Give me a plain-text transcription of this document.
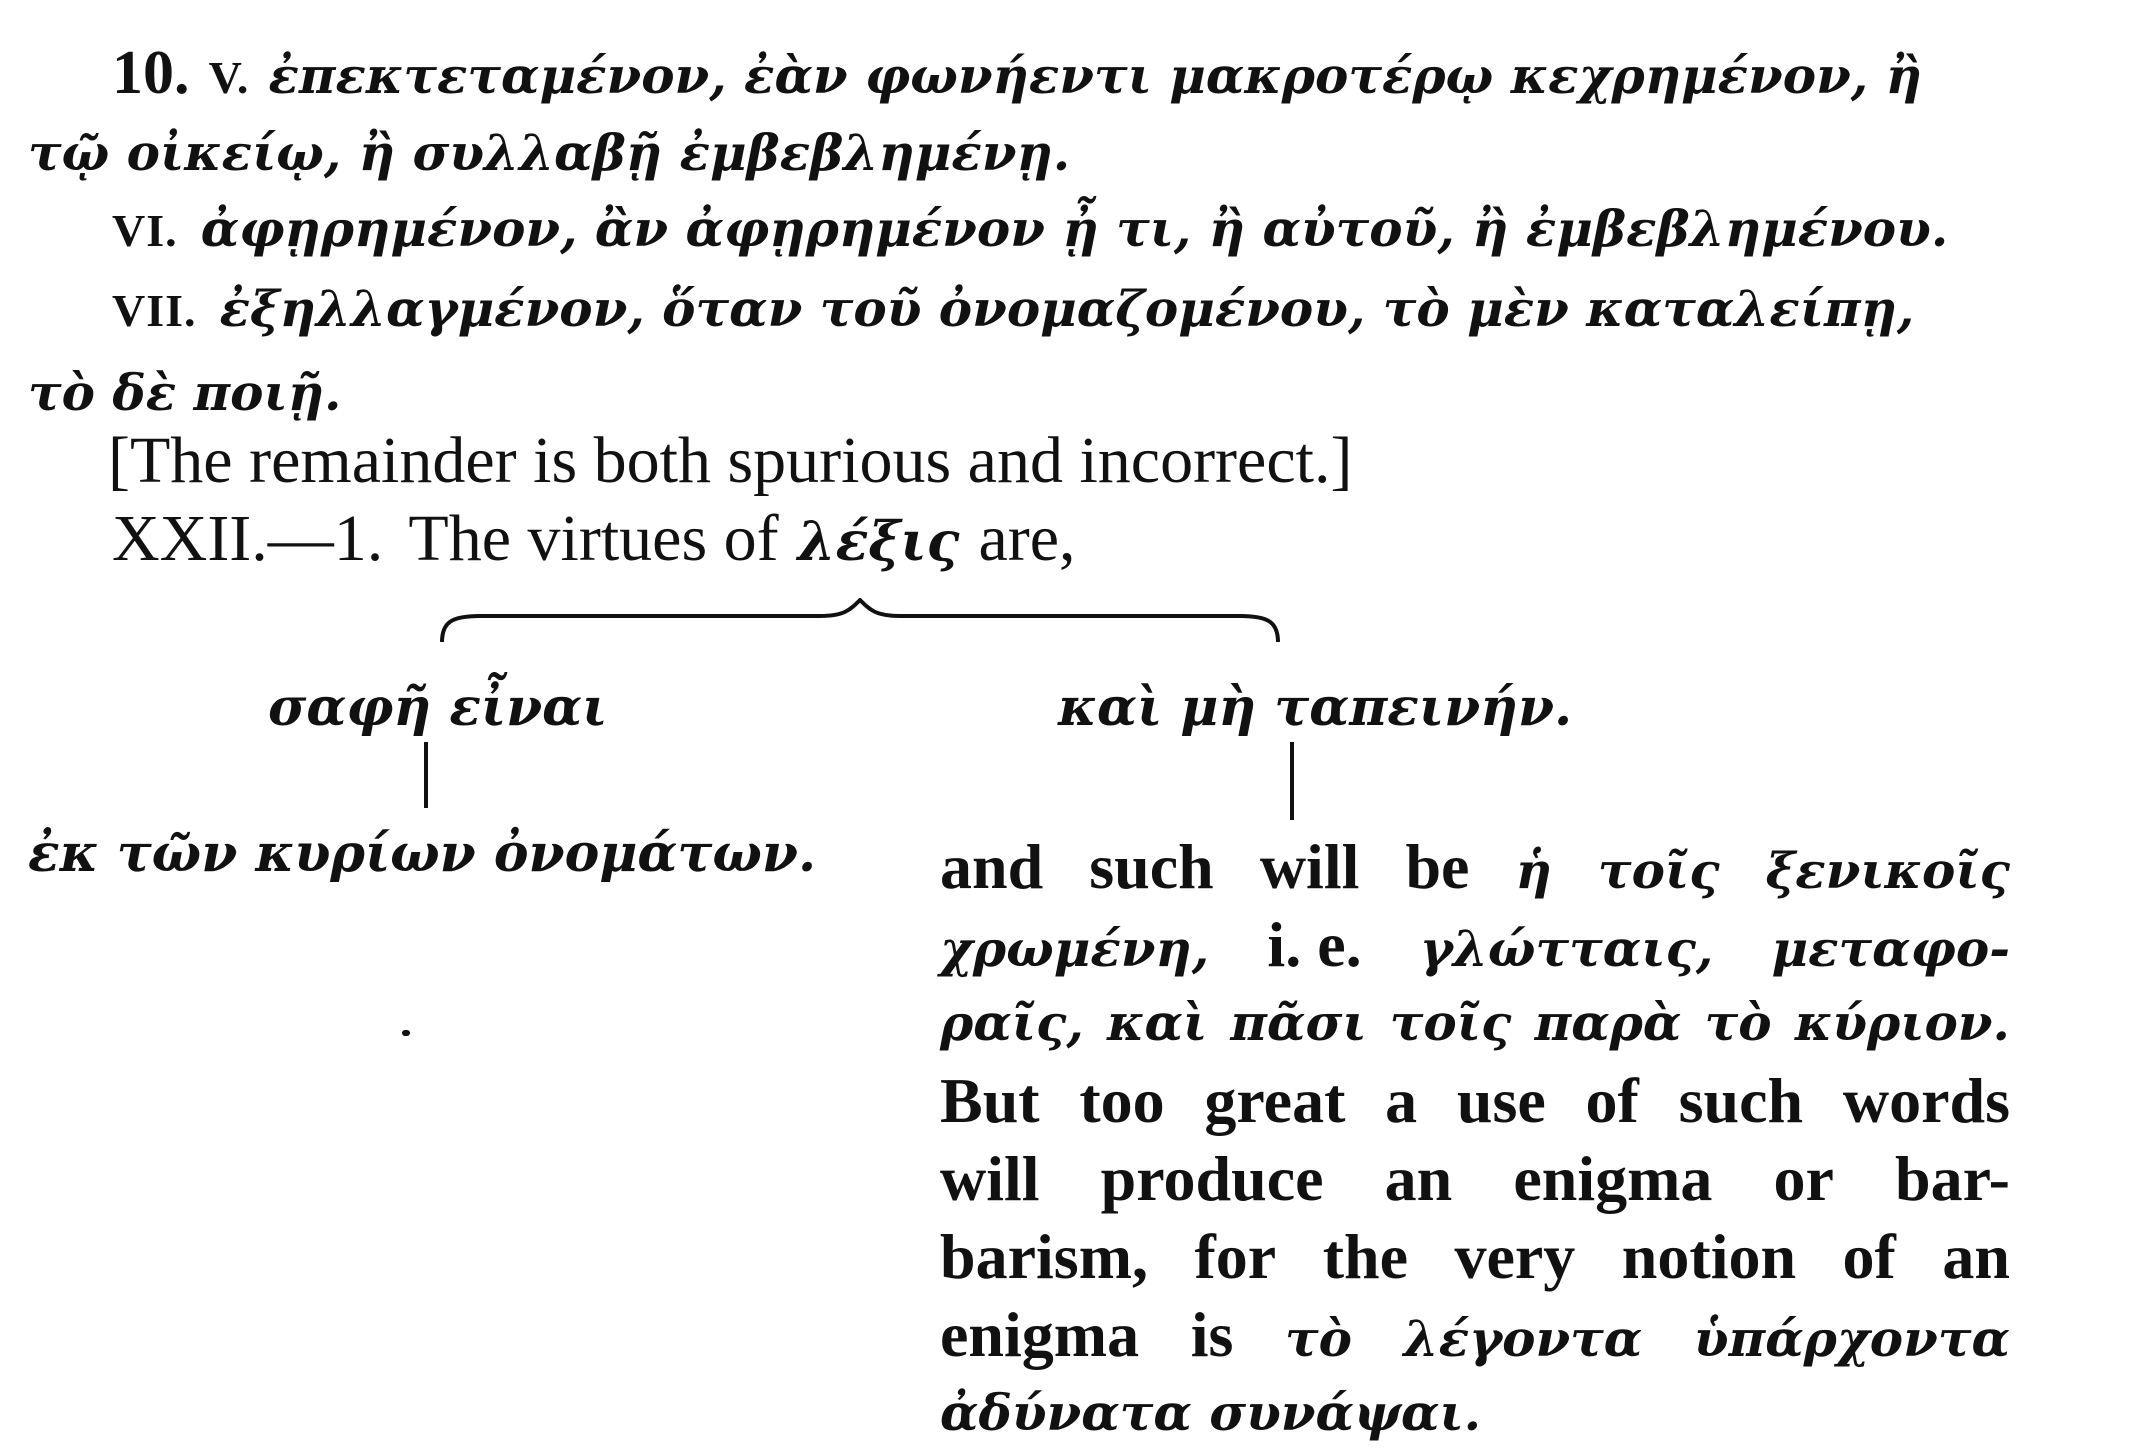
10. V. ἐπεκτεταμένον, ἐὰν φωνήεντι μακροτέρῳ κεχρημένον, ἢ
τῷ οἰκείῳ, ἢ συλλαβῇ ἐμβεβλημένῃ.
VI. ἀφῃρημένον, ἂν ἀφῃρημένον ᾖ τι, ἢ αὐτοῦ, ἢ ἐμβεβλημένου.
VII. ἐξηλλαγμένον, ὅταν τοῦ ὀνομαζομένου, τὸ μὲν καταλείπῃ,
τὸ δὲ ποιῇ.
[The remainder is both spurious and incorrect.]
XXII.—1. The virtues of λέξις are,
σαφῆ εἶναι	καὶ μὴ ταπεινήν.
ἐκ τῶν κυρίων ὀνομάτων. and such will be ἡ τοῖς ξενικοῖς
χρωμένη, i. e. γλώτταις, μεταφο-
ραῖς, καὶ πᾶσι τοῖς παρὰ τὸ κύριον.
But too great a use of such words
will produce an enigma or bar-
barism, for the very notion of an
enigma is τὸ λέγοντα ὑπάρχοντα
ἀδύνατα συνάψαι.
